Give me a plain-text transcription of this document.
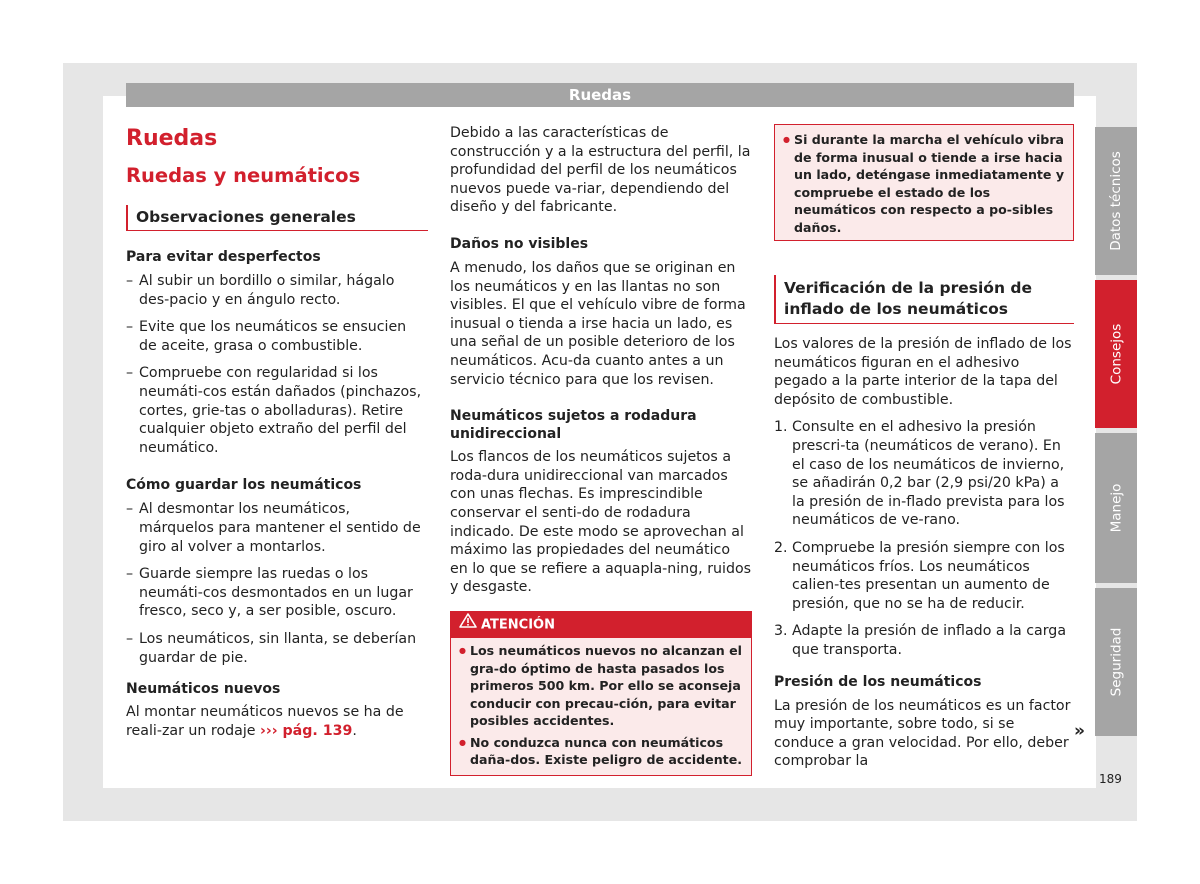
Ruedas
Ruedas
Ruedas y neumáticos
Observaciones generales
Para evitar desperfectos
– Al subir un bordillo o similar, hágalo des-pacio y en ángulo recto.
– Evite que los neumáticos se ensucien de aceite, grasa o combustible.
– Compruebe con regularidad si los neumáti-cos están dañados (pinchazos, cortes, grie-tas o abolladuras). Retire cualquier objeto extraño del perfil del neumático.
Cómo guardar los neumáticos
– Al desmontar los neumáticos, márquelos para mantener el sentido de giro al volver a montarlos.
– Guarde siempre las ruedas o los neumáti-cos desmontados en un lugar fresco, seco y, a ser posible, oscuro.
– Los neumáticos, sin llanta, se deberían guardar de pie.
Neumáticos nuevos
Al montar neumáticos nuevos se ha de reali-zar un rodaje ››› pág. 139.
Debido a las características de construcción y a la estructura del perfil, la profundidad del perfil de los neumáticos nuevos puede va-riar, dependiendo del diseño y del fabricante.
Daños no visibles
A menudo, los daños que se originan en los neumáticos y en las llantas no son visibles. El que el vehículo vibre de forma inusual o tienda a irse hacia un lado, es una señal de un posible deterioro de los neumáticos. Acu-da cuanto antes a un servicio técnico para que los revisen.
Neumáticos sujetos a rodadura unidireccional
Los flancos de los neumáticos sujetos a roda-dura unidireccional van marcados con unas flechas. Es imprescindible conservar el senti-do de rodadura indicado. De este modo se aprovechan al máximo las propiedades del neumático en lo que se refiere a aquapla-ning, ruidos y desgaste.
ATENCIÓN
● Los neumáticos nuevos no alcanzan el gra-do óptimo de hasta pasados los primeros 500 km. Por ello se aconseja conducir con precau-ción, para evitar posibles accidentes.
● No conduzca nunca con neumáticos daña-dos. Existe peligro de accidente.
● Si durante la marcha el vehículo vibra de forma inusual o tiende a irse hacia un lado, deténgase inmediatamente y compruebe el estado de los neumáticos con respecto a po-sibles daños.
Verificación de la presión de inflado de los neumáticos
Los valores de la presión de inflado de los neumáticos figuran en el adhesivo pegado a la parte interior de la tapa del depósito de combustible.
1. Consulte en el adhesivo la presión prescri-ta (neumáticos de verano). En el caso de los neumáticos de invierno, se añadirán 0,2 bar (2,9 psi/20 kPa) a la presión de in-flado prevista para los neumáticos de ve-rano.
2. Compruebe la presión siempre con los neumáticos fríos. Los neumáticos calien-tes presentan un aumento de presión, que no se ha de reducir.
3. Adapte la presión de inflado a la carga que transporta.
Presión de los neumáticos
La presión de los neumáticos es un factor muy importante, sobre todo, si se conduce a gran velocidad. Por ello, deber comprobar la
»
Datos técnicos
Consejos
Manejo
Seguridad
189
